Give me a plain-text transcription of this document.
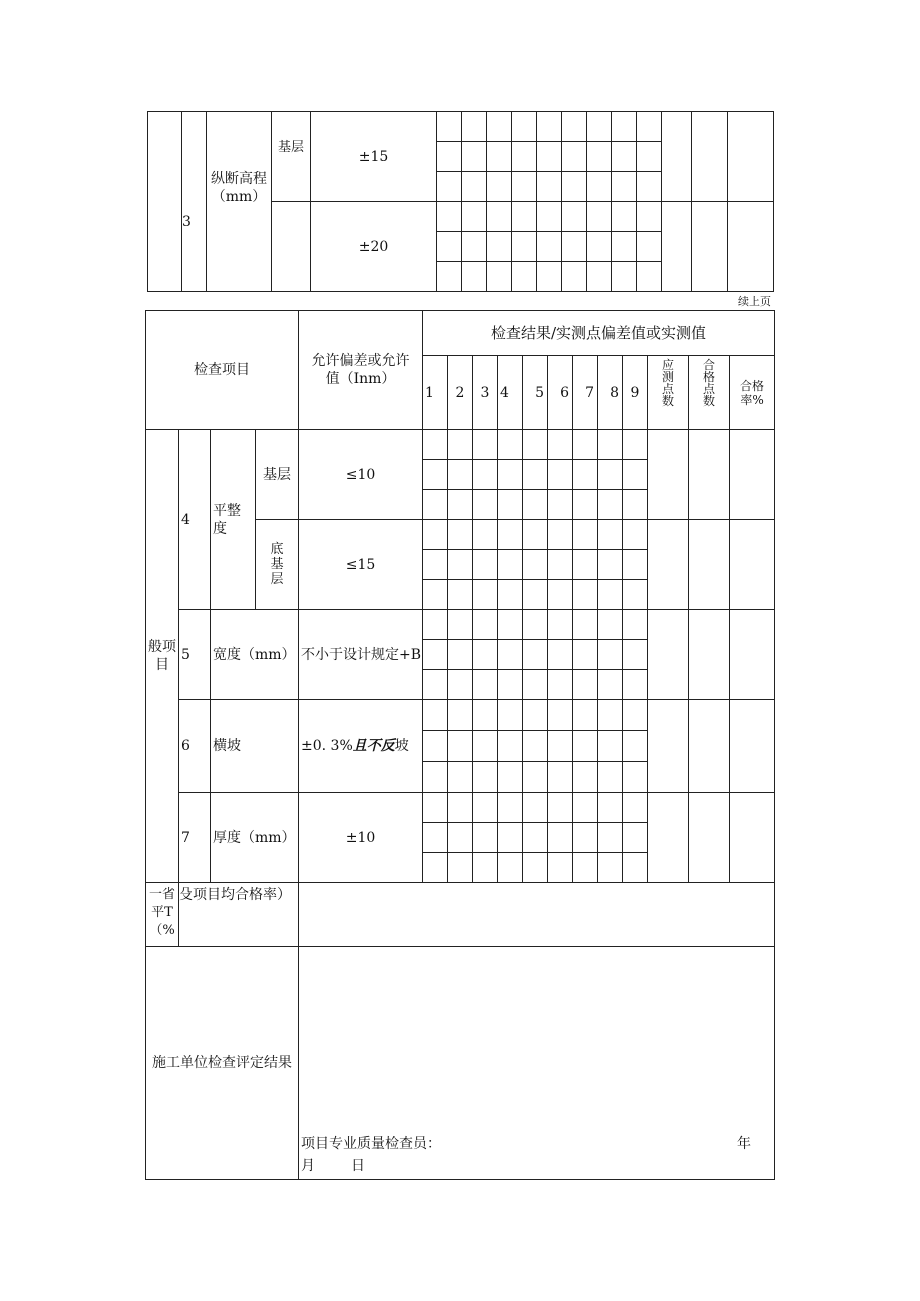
	3	纵断高程（mm）	基层	±15												

				±20												

续上页
检查项目				允许偏差或允许值（Inm）	检查结果/实测点偏差值或实测值											
					1	2	3	4	5	6	7	8	9	应测点数	合格点数	合格率%
般项目	4	平整度	基层	≤10												

			底基层	≤15												

	5	宽度（mm）		不小于设计规定+B												

	6	横坡		±0. 3%且不反坡												

	7	厚度（mm）		±10												

一省平T（%	殳项目均合格率）															
施工单位检查评定结果				项目专业质量检查员： 年
月 日												
